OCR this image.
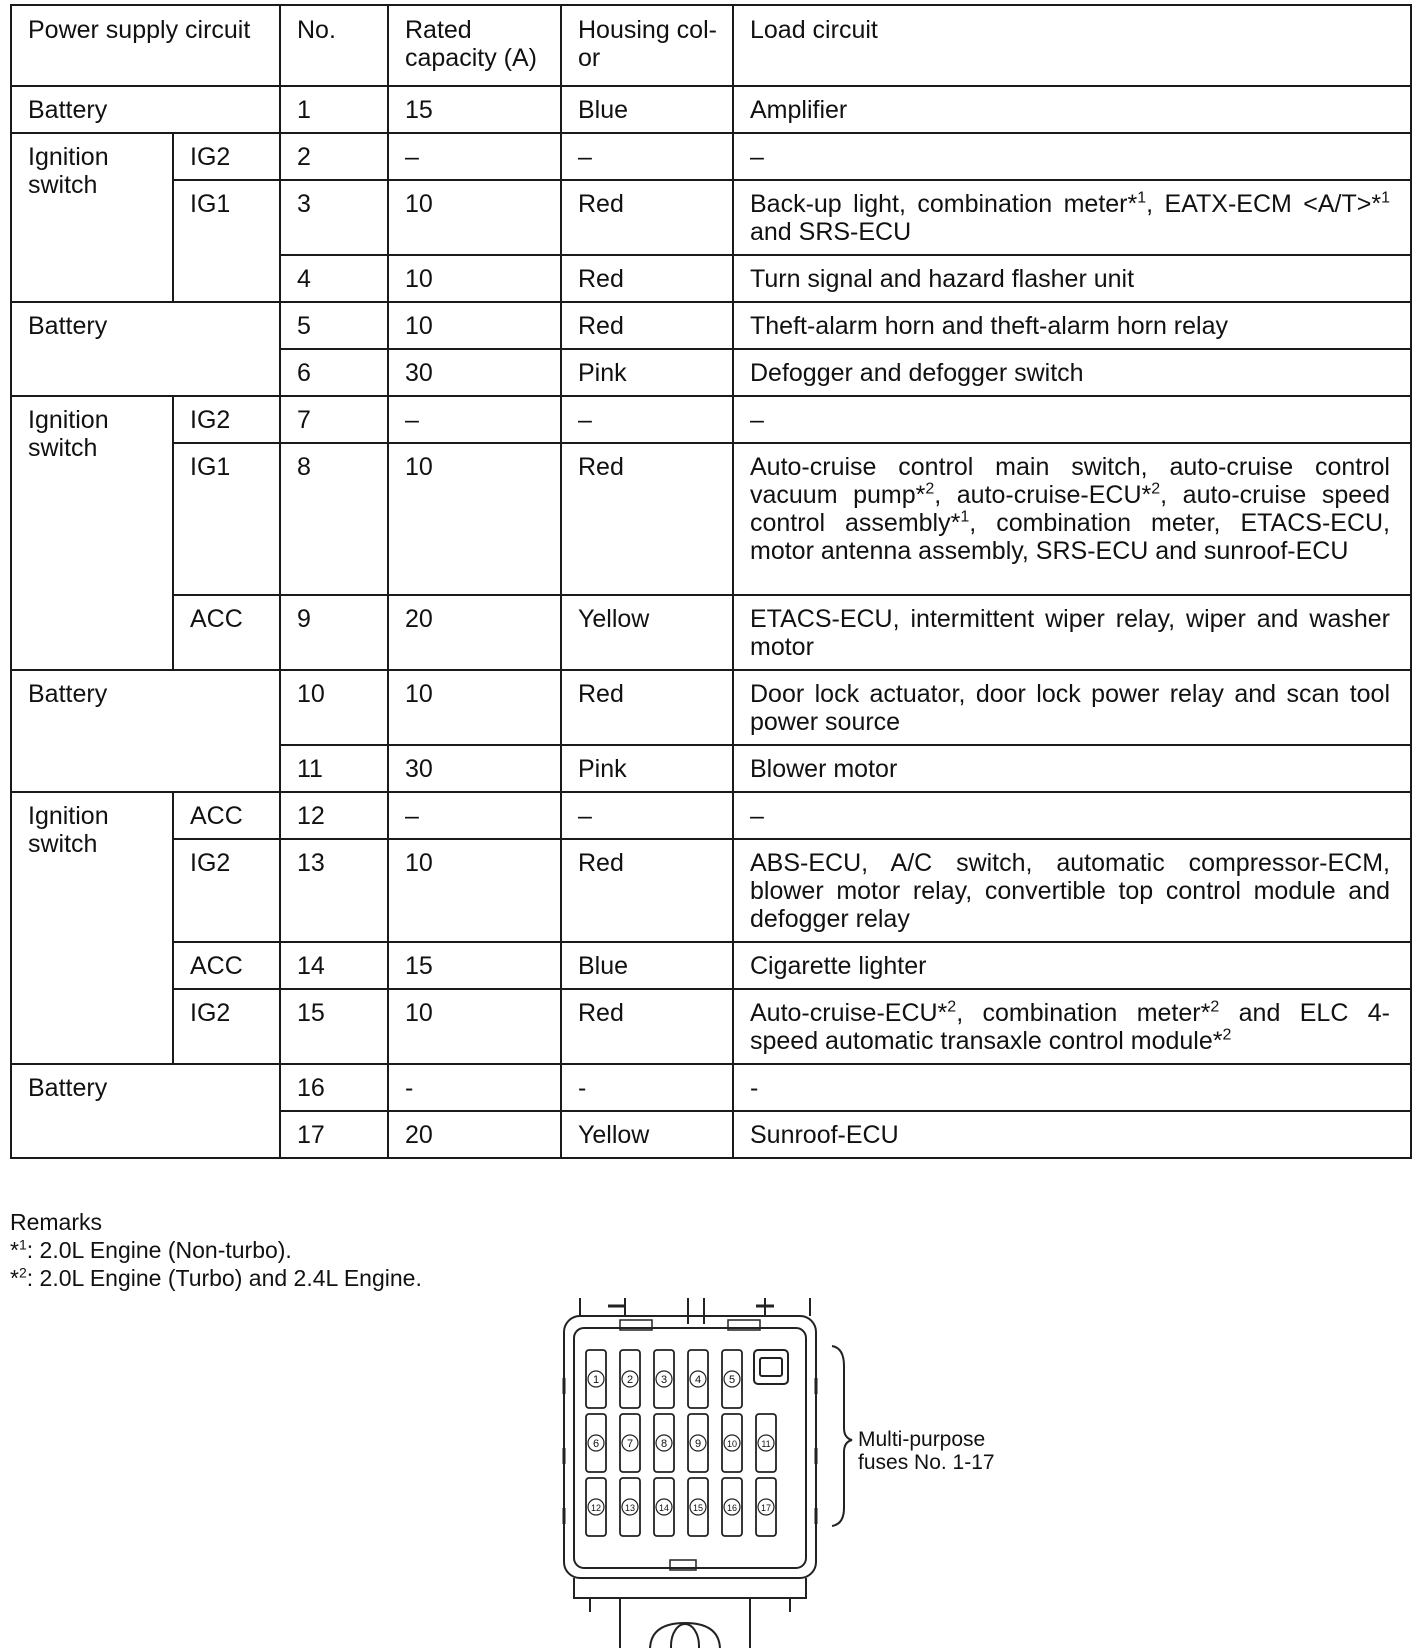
Power supply circuit		No.	Rated
capacity (A)	Housing col-
or	Load circuit
Battery		1	15	Blue	Amplifier
Ignition
switch	IG2	2	–	–	–
	IG1	3	10	Red	Back-up light, combination meter*$^1$, EATX-ECM <A/T>*$^1$ and SRS-ECU
		4	10	Red	Turn signal and hazard flasher unit
Battery		5	10	Red	Theft-alarm horn and theft-alarm horn relay
		6	30	Pink	Defogger and defogger switch
Ignition
switch	IG2	7	–	–	–
	IG1	8	10	Red	Auto-cruise control main switch, auto-cruise control vacuum pump*$^2$, auto-cruise-ECU*$^2$, auto-cruise speed control assembly*$^1$, combination meter, ETACS-ECU, motor antenna assembly, SRS-ECU and sunroof-ECU
	ACC	9	20	Yellow	ETACS-ECU, intermittent wiper relay, wiper and washer motor
Battery		10	10	Red	Door lock actuator, door lock power relay and scan tool power source
		11	30	Pink	Blower motor
Ignition
switch	ACC	12	–	–	–
	IG2	13	10	Red	ABS-ECU, A/C switch, automatic compressor-ECM, blower motor relay, convertible top control module and defogger relay
	ACC	14	15	Blue	Cigarette lighter
	IG2	15	10	Red	Auto-cruise-ECU*$^2$, combination meter*$^2$ and ELC 4-speed automatic transaxle control module*$^2$
Battery		16	-	-	-
		17	20	Yellow	Sunroof-ECU
Remarks
*$^1$: 2.0L Engine (Non-turbo).
*$^2$: 2.0L Engine (Turbo) and 2.4L Engine.
1	2	3	4	5
6	7	8	9	10	11
12	13	14	15	16	17
Multi-purpose
fuses No. 1-17
